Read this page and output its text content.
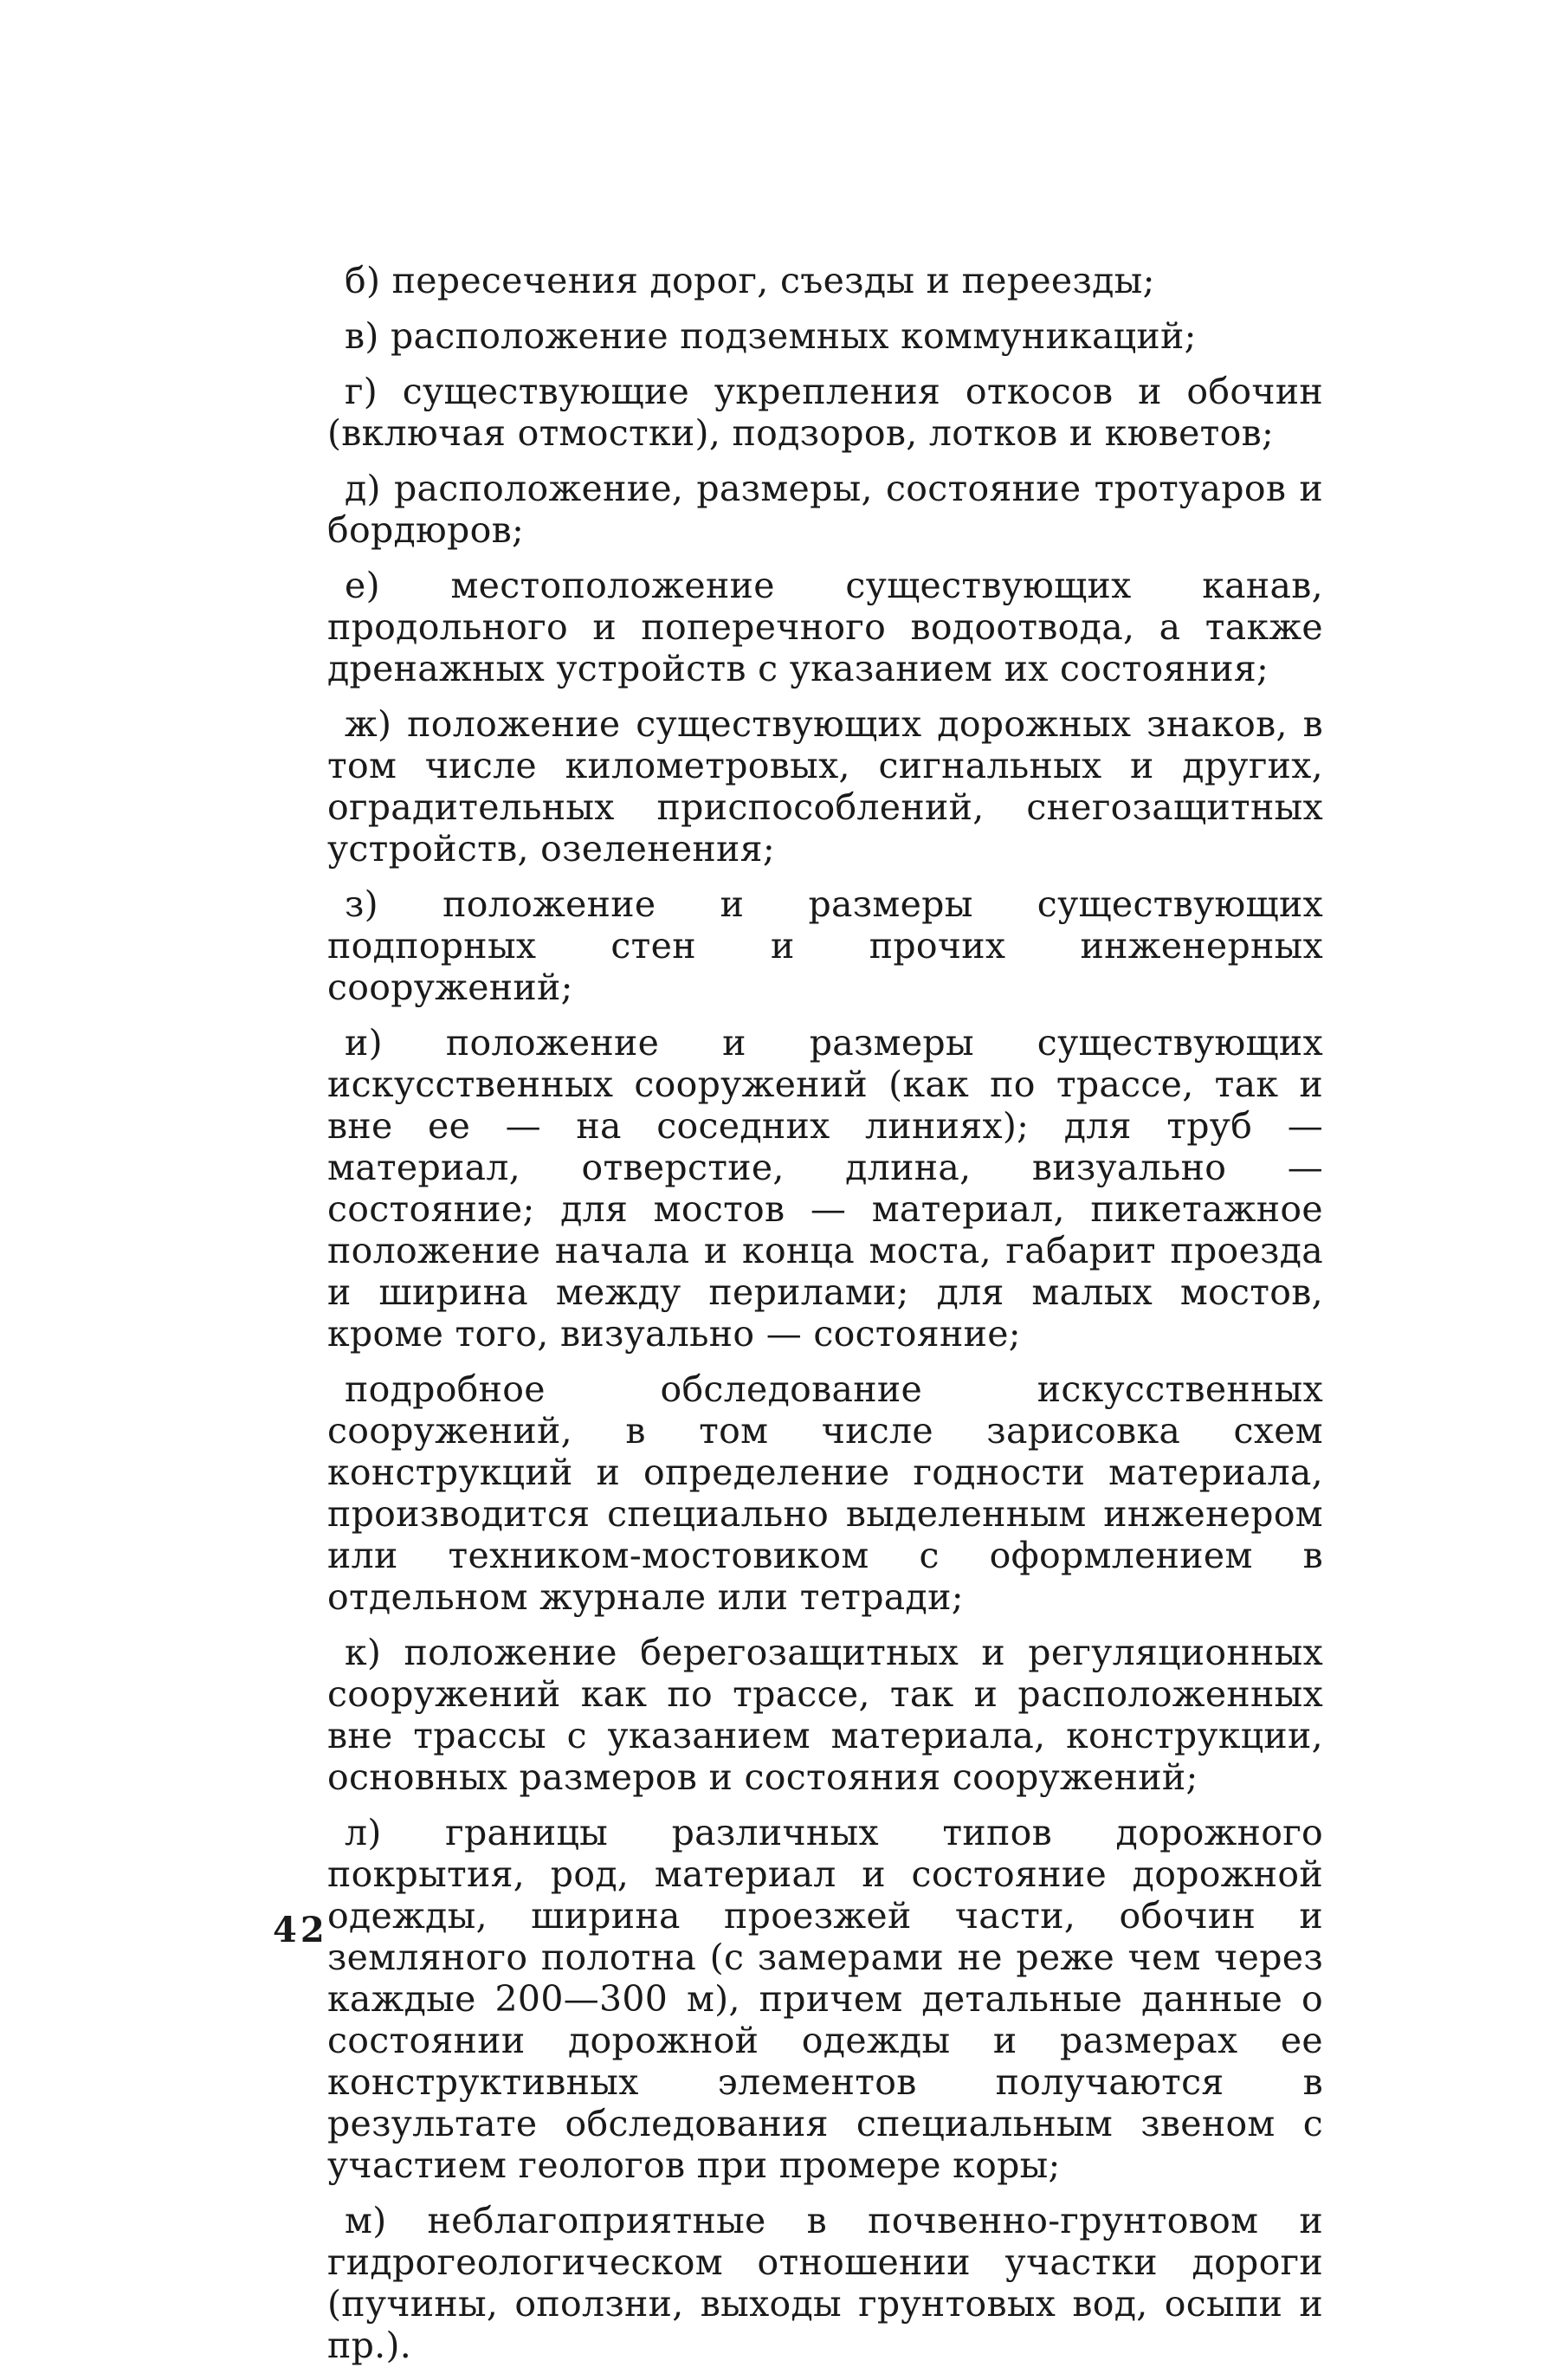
б) пересечения дорог, съезды и переезды;

в) расположение подземных коммуникаций;

г) существующие укрепления откосов и обочин (включая отмостки), подзоров, лотков и кюветов;

д) расположение, размеры, состояние тротуаров и бордюров;

е) местоположение существующих канав, продольного и поперечного водоотвода, а также дренажных устройств с указанием их состояния;

ж) положение существующих дорожных знаков, в том числе километровых, сигнальных и других, оградительных приспособлений, снегозащитных устройств, озеленения;

з) положение и размеры существующих подпорных стен и прочих инженерных сооружений;

и) положение и размеры существующих искусственных сооружений (как по трассе, так и вне ее — на соседних линиях); для труб — материал, отверстие, длина, визуально — состояние; для мостов — материал, пикетажное положение начала и конца моста, габарит проезда и ширина между перилами; для малых мостов, кроме того, визуально — состояние;

подробное обследование искусственных сооружений, в том числе зарисовка схем конструкций и определение годности материала, производится специально выделенным инженером или техником-мостовиком с оформлением в отдельном журнале или тетради;

к) положение берегозащитных и регуляционных сооружений как по трассе, так и расположенных вне трассы с указанием материала, конструкции, основных размеров и состояния сооружений;

л) границы различных типов дорожного покрытия, род, материал и состояние дорожной одежды, ширина проезжей части, обочин и земляного полотна (с замерами не реже чем через каждые 200—300 м), причем детальные данные о состоянии дорожной одежды и размерах ее конструктивных элементов получаются в результате обследования специальным звеном с участием геологов при промере коры;

м) неблагоприятные в почвенно-грунтовом и гидрогеологическом отношении участки дороги (пучины, оползни, выходы грунтовых вод, осыпи и пр.).

42
